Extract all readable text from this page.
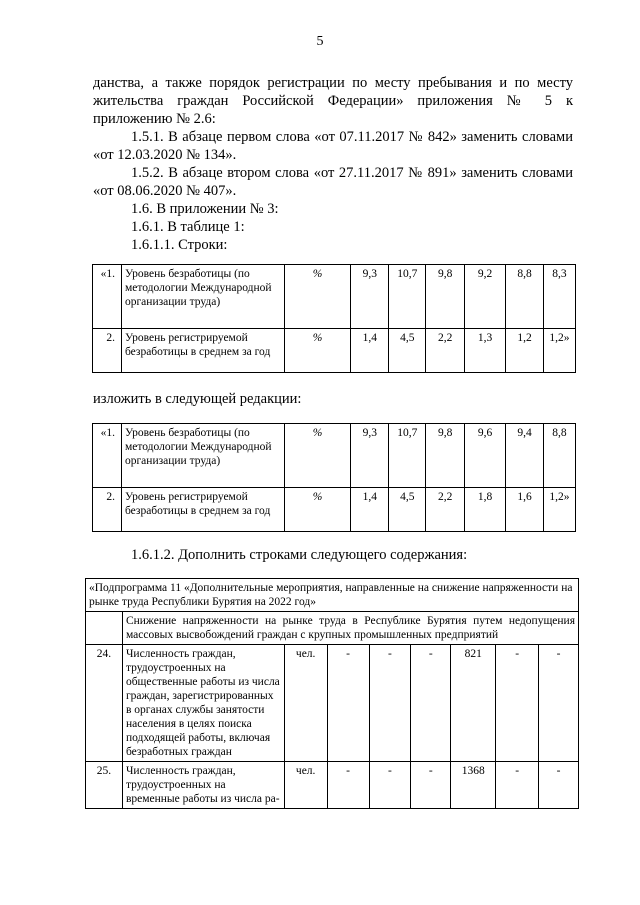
5

данства, а также порядок регистрации по месту пребывания и по месту жительства граждан Российской Федерации» приложения № 5 к приложению № 2.6:

1.5.1. В абзаце первом слова «от 07.11.2017 № 842» заменить словами «от 12.03.2020 № 134».

1.5.2. В абзаце втором слова «от 27.11.2017 № 891» заменить словами «от 08.06.2020 № 407».

1.6. В приложении № 3:
1.6.1. В таблице 1:
1.6.1.1. Строки:
«1.	Уровень безработицы (по методологии Международной организации труда)	%	9,3	10,7	9,8	9,2	8,8	8,3
2.	Уровень регистрируемой безработицы в среднем за год	%	1,4	4,5	2,2	1,3	1,2	1,2»
изложить в следующей редакции:
«1.	Уровень безработицы (по методологии Международной организации труда)	%	9,3	10,7	9,8	9,6	9,4	8,8
2.	Уровень регистрируемой безработицы в среднем за год	%	1,4	4,5	2,2	1,8	1,6	1,2»
1.6.1.2. Дополнить строками следующего содержания:
«Подпрограмма 11 «Дополнительные мероприятия, направленные на снижение напряженности на рынке труда Республики Бурятия на 2022 год»								
	Снижение напряженности на рынке труда в Республике Бурятия путем недопущения массовых высвобождений граждан с крупных промышленных предприятий							
24.	Численность граждан, трудоустроенных на общественные работы из числа граждан, зарегистрированных в органах службы занятости населения в целях поиска подходящей работы, включая безработных граждан	чел.	-	-	-	821	-	-
25.	Численность граждан, трудоустроенных на временные работы из числа ра-	чел.	-	-	-	1368	-	-
